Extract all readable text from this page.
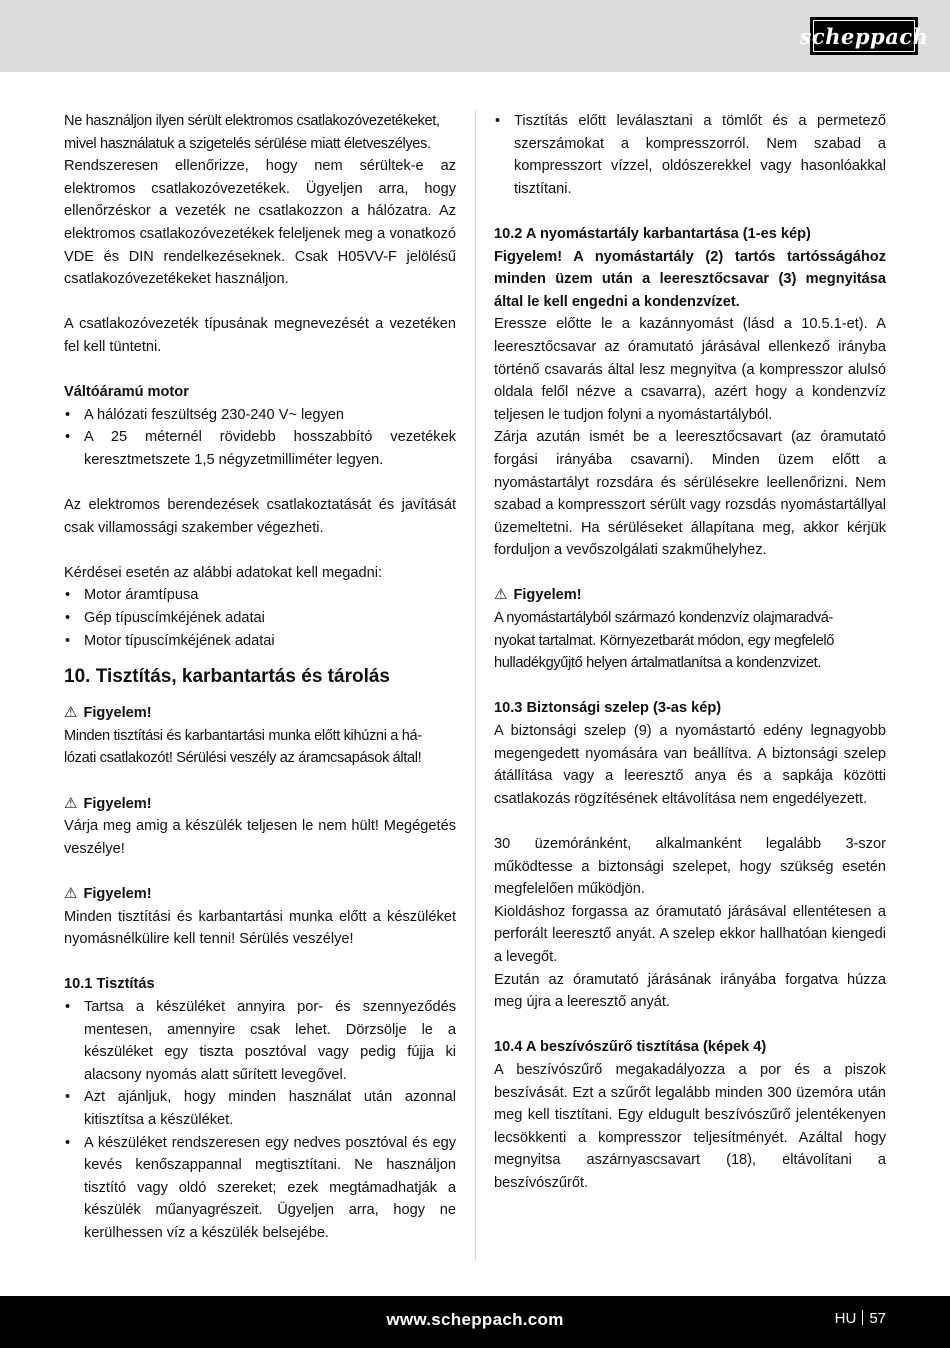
scheppach

Ne használjon ilyen sérült elektromos csatlakozóvezetékeket,

mivel használatuk a szigetelés sérülése miatt életveszélyes.

Rendszeresen ellenőrizze, hogy nem sérültek-e az elektromos csatlakozóvezetékek. Ügyeljen arra, hogy ellenőrzéskor a vezeték ne csatlakozzon a hálózatra. Az elektromos csatlakozóvezetékek feleljenek meg a vonatkozó VDE és DIN rendelkezéseknek. Csak H05VV-F jelölésű csatlakozóvezetékeket használjon.

A csatlakozóvezeték típusának megnevezését a vezetéken fel kell tüntetni.

Váltóáramú motor

• A hálózati feszültség 230-240 V~ legyen
• A 25 méternél rövidebb hosszabbító vezetékek keresztmetszete 1,5 négyzetmilliméter legyen.

Az elektromos berendezések csatlakoztatását és javítását csak villamossági szakember végezheti.

Kérdései esetén az alábbi adatokat kell megadni:

• Motor áramtípusa
• Gép típuscímkéjének adatai
• Motor típuscímkéjének adatai

10. Tisztítás, karbantartás és tárolás

⚠ Figyelem!

Minden tisztítási és karbantartási munka előtt kihúzni a há-

lózati csatlakozót! Sérülési veszély az áramcsapások által!

⚠ Figyelem!

Várja meg amig a készülék teljesen le nem hült! Megégetés veszélye!

⚠ Figyelem!

Minden tisztítási és karbantartási munka előtt a készüléket nyomásnélkülire kell tenni! Sérülés veszélye!

10.1 Tisztítás

• Tartsa a készüléket annyira por- és szennyeződés mentesen, amennyire csak lehet. Dörzsölje le a készüléket egy tiszta posztóval vagy pedig fújja ki alacsony nyomás alatt sűrített levegővel.
• Azt ajánljuk, hogy minden használat után azonnal kitisztítsa a készüléket.
• A készüléket rendszeresen egy nedves posztóval és egy kevés kenőszappannal megtisztítani. Ne használjon tisztító vagy oldó szereket; ezek megtámadhatják a készülék műanyagrészeit. Ügyeljen arra, hogy ne kerülhessen víz a készülék belsejébe.
• Tisztítás előtt leválasztani a tömlőt és a permetező szerszámokat a kompresszorról. Nem szabad a kompresszort vízzel, oldószerekkel vagy hasonlóakkal tisztítani.

10.2 A nyomástartály karbantartása (1-es kép)

Figyelem! A nyomástartály (2) tartós tartósságához minden üzem után a leeresztőcsavar (3) megnyitása által le kell engedni a kondenzvízet.

Eressze előtte le a kazánnyomást (lásd a 10.5.1-et). A leeresztőcsavar az óramutató járásával ellenkező irányba történő csavarás által lesz megnyitva (a kompresszor alulsó oldala felől nézve a csavarra), azért hogy a kondenzvíz teljesen le tudjon folyni a nyomástartályból.

Zárja azután ismét be a leeresztőcsavart (az óramutató forgási irányába csavarni). Minden üzem előtt a nyomástartályt rozsdára és sérülésekre leellenőrizni. Nem szabad a kompresszort sérült vagy rozsdás nyomástartállyal üzemeltetni. Ha sérüléseket állapítana meg, akkor kérjük forduljon a vevőszolgálati szakműhelyhez.

⚠ Figyelem!

A nyomástartályból származó kondenzvíz olajmaradvá-

nyokat tartalmat. Környezetbarát módon, egy megfelelő

hulladékgyűjtő helyen ártalmatlanítsa a kondenzvizet.

10.3 Biztonsági szelep (3-as kép)

A biztonsági szelep (9) a nyomástartó edény legnagyobb megengedett nyomására van beállítva. A biztonsági szelep átállítása vagy a leeresztő anya és a sapkája közötti csatlakozás rögzítésének eltávolítása nem engedélyezett.

30 üzemóránként, alkalmanként legalább 3-szor működtesse a biztonsági szelepet, hogy szükség esetén megfelelően működjön.

Kioldáshoz forgassa az óramutató járásával ellentétesen a perforált leeresztő anyát. A szelep ekkor hallhatóan kiengedi a levegőt.

Ezután az óramutató járásának irányába forgatva húzza meg újra a leeresztő anyát.

10.4 A beszívószűrő tisztítása (képek 4)

A beszívószűrő megakadályozza a por és a piszok beszívását. Ezt a szűrőt legalább minden 300 üzemóra után meg kell tisztítani. Egy eldugult beszívószűrő jelentékenyen lecsökkenti a kompresszor teljesítményét. Azáltal hogy megnyitsa aszárnyascsavart (18), eltávolítani a beszívószűrőt.

www.scheppach.com	HU 57
